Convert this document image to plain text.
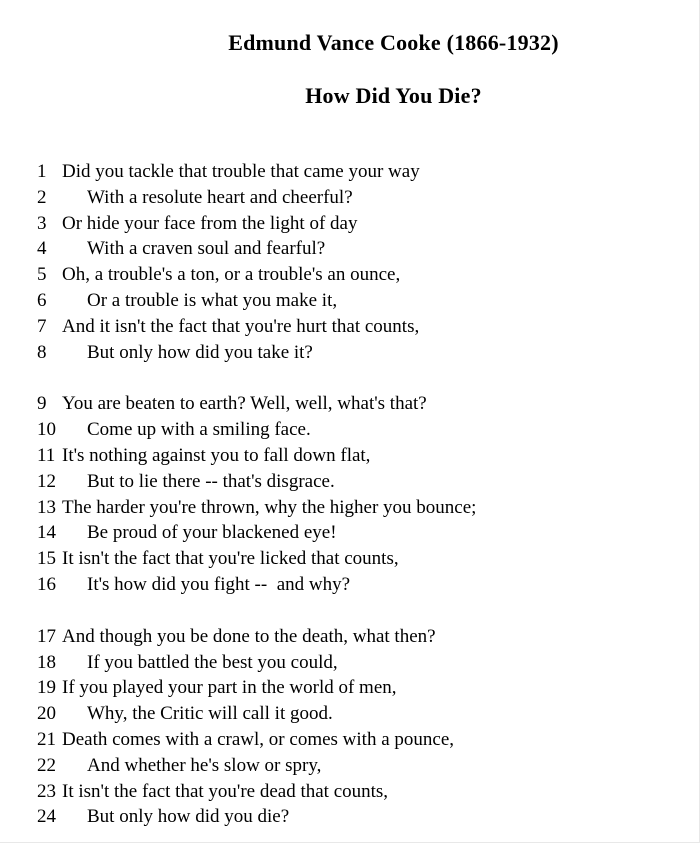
Edmund Vance Cooke (1866-1932)
How Did You Die?
1 Did you tackle that trouble that came your way
2	With a resolute heart and cheerful?
3 Or hide your face from the light of day
4	With a craven soul and fearful?
5 Oh, a trouble's a ton, or a trouble's an ounce,
6	Or a trouble is what you make it,
7 And it isn't the fact that you're hurt that counts,
8	But only how did you take it?
9 You are beaten to earth? Well, well, what's that?
10	Come up with a smiling face.
11 It's nothing against you to fall down flat,
12	But to lie there -- that's disgrace.
13 The harder you're thrown, why the higher you bounce;
14	Be proud of your blackened eye!
15 It isn't the fact that you're licked that counts,
16	It's how did you fight --  and why?
17 And though you be done to the death, what then?
18	If you battled the best you could,
19 If you played your part in the world of men,
20	Why, the Critic will call it good.
21 Death comes with a crawl, or comes with a pounce,
22	And whether he's slow or spry,
23 It isn't the fact that you're dead that counts,
24	But only how did you die?
